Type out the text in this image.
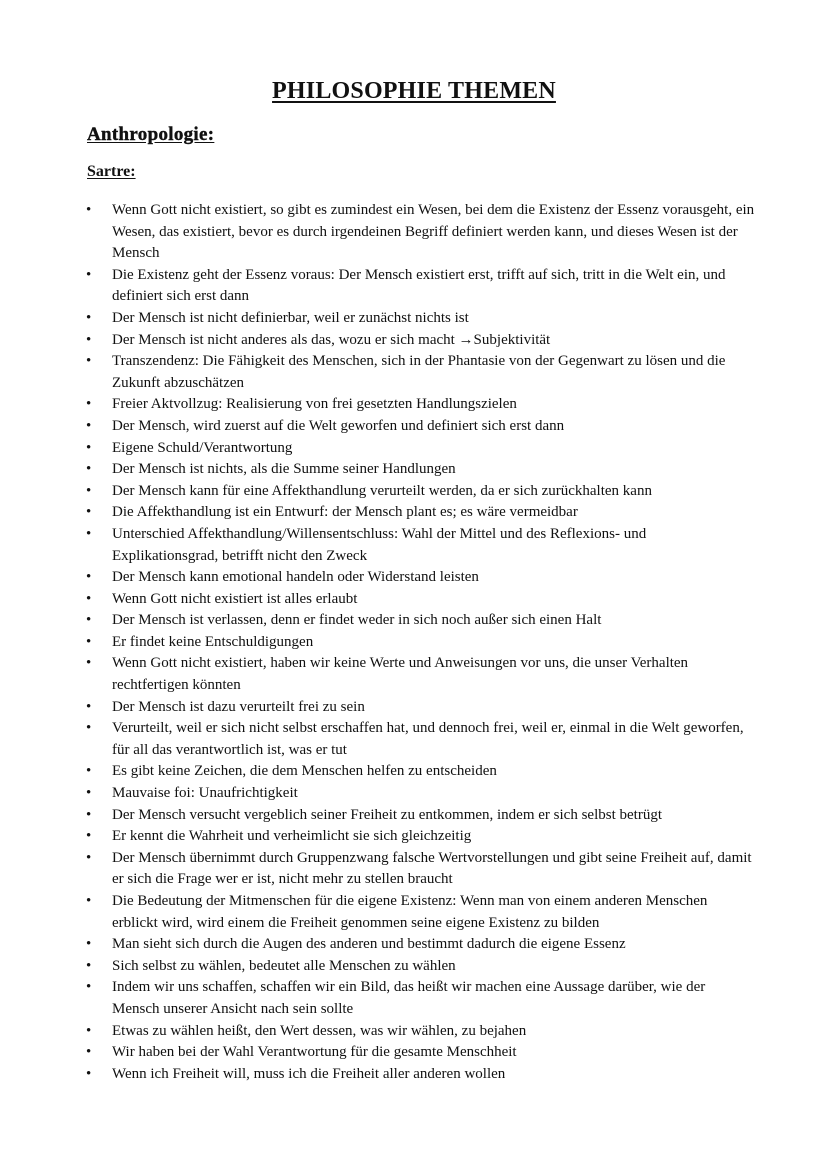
PHILOSOPHIE THEMEN
Anthropologie:
Sartre:
• Wenn Gott nicht existiert, so gibt es zumindest ein Wesen, bei dem die Existenz der Essenz vorausgeht, ein Wesen, das existiert, bevor es durch irgendeinen Begriff definiert werden kann, und dieses Wesen ist der Mensch
• Die Existenz geht der Essenz voraus: Der Mensch existiert erst, trifft auf sich, tritt in die Welt ein, und definiert sich erst dann
• Der Mensch ist nicht definierbar, weil er zunächst nichts ist
• Der Mensch ist nicht anderes als das, wozu er sich macht →Subjektivität
• Transzendenz: Die Fähigkeit des Menschen, sich in der Phantasie von der Gegenwart zu lösen und die Zukunft abzuschätzen
• Freier Aktvollzug: Realisierung von frei gesetzten Handlungszielen
• Der Mensch, wird zuerst auf die Welt geworfen und definiert sich erst dann
• Eigene Schuld/Verantwortung
• Der Mensch ist nichts, als die Summe seiner Handlungen
• Der Mensch kann für eine Affekthandlung verurteilt werden, da er sich zurückhalten kann
• Die Affekthandlung ist ein Entwurf: der Mensch plant es; es wäre vermeidbar
• Unterschied Affekthandlung/Willensentschluss: Wahl der Mittel und des Reflexions- und Explikationsgrad, betrifft nicht den Zweck
• Der Mensch kann emotional handeln oder Widerstand leisten
• Wenn Gott nicht existiert ist alles erlaubt
• Der Mensch ist verlassen, denn er findet weder in sich noch außer sich einen Halt
• Er findet keine Entschuldigungen
• Wenn Gott nicht existiert, haben wir keine Werte und Anweisungen vor uns, die unser Verhalten rechtfertigen könnten
• Der Mensch ist dazu verurteilt frei zu sein
• Verurteilt, weil er sich nicht selbst erschaffen hat, und dennoch frei, weil er, einmal in die Welt geworfen, für all das verantwortlich ist, was er tut
• Es gibt keine Zeichen, die dem Menschen helfen zu entscheiden
• Mauvaise foi: Unaufrichtigkeit
• Der Mensch versucht vergeblich seiner Freiheit zu entkommen, indem er sich selbst betrügt
• Er kennt die Wahrheit und verheimlicht sie sich gleichzeitig
• Der Mensch übernimmt durch Gruppenzwang falsche Wertvorstellungen und gibt seine Freiheit auf, damit er sich die Frage wer er ist, nicht mehr zu stellen braucht
• Die Bedeutung der Mitmenschen für die eigene Existenz: Wenn man von einem anderen Menschen erblickt wird, wird einem die Freiheit genommen seine eigene Existenz zu bilden
• Man sieht sich durch die Augen des anderen und bestimmt dadurch die eigene Essenz
• Sich selbst zu wählen, bedeutet alle Menschen zu wählen
• Indem wir uns schaffen, schaffen wir ein Bild, das heißt wir machen eine Aussage darüber, wie der Mensch unserer Ansicht nach sein sollte
• Etwas zu wählen heißt, den Wert dessen, was wir wählen, zu bejahen
• Wir haben bei der Wahl Verantwortung für die gesamte Menschheit
• Wenn ich Freiheit will, muss ich die Freiheit aller anderen wollen
